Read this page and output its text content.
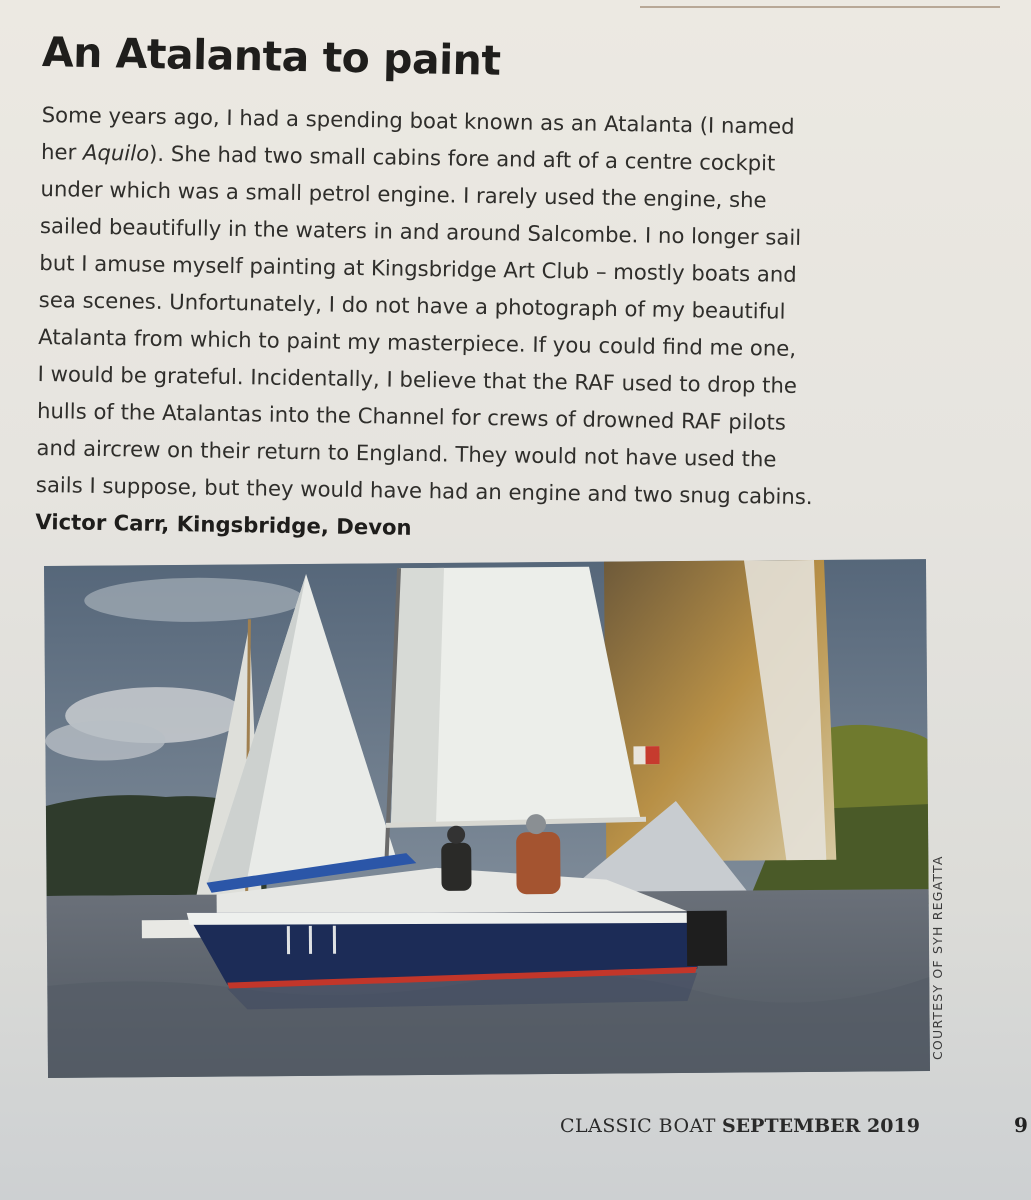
An Atalanta to paint
Some years ago, I had a spending boat known as an Atalanta (I named
her Aquilo). She had two small cabins fore and aft of a centre cockpit
under which was a small petrol engine. I rarely used the engine, she
sailed beautifully in the waters in and around Salcombe. I no longer sail
but I amuse myself painting at Kingsbridge Art Club – mostly boats and
sea scenes. Unfortunately, I do not have a photograph of my beautiful
Atalanta from which to paint my masterpiece. If you could find me one,
I would be grateful. Incidentally, I believe that the RAF used to drop the
hulls of the Atalantas into the Channel for crews of drowned RAF pilots
and aircrew on their return to England. They would not have used the
sails I suppose, but they would have had an engine and two snug cabins.
Victor Carr, Kingsbridge, Devon
COURTESY OF SYH REGATTA
CLASSIC BOAT SEPTEMBER 2019	9
